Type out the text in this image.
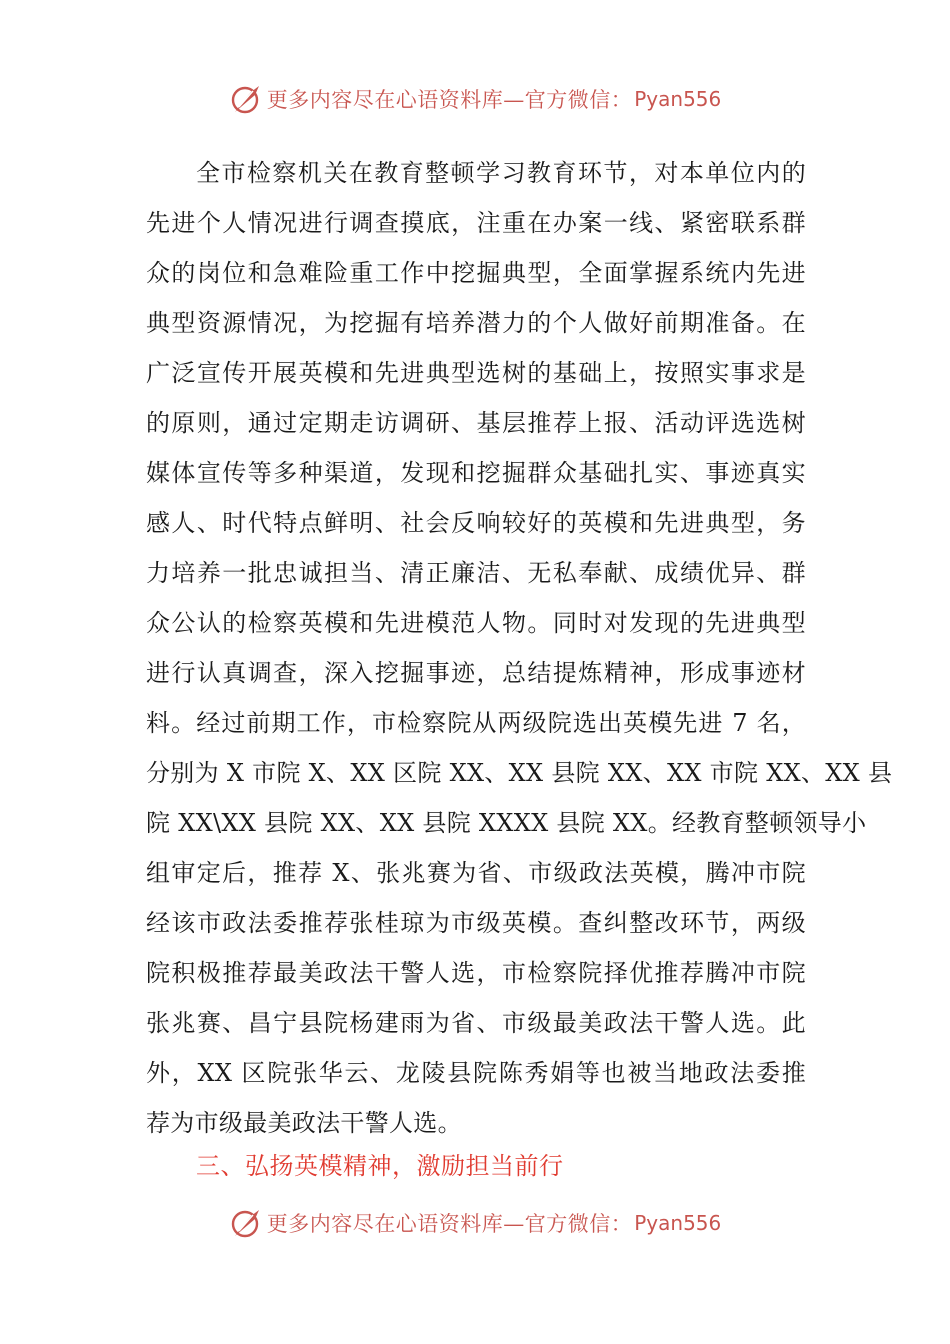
更多内容尽在心语资料库—官方微信： Pyan556
全市检察机关在教育整顿学习教育环节，对本单位内的
先进个人情况进行调查摸底，注重在办案一线、紧密联系群
众的岗位和急难险重工作中挖掘典型，全面掌握系统内先进
典型资源情况，为挖掘有培养潜力的个人做好前期准备。在
广泛宣传开展英模和先进典型选树的基础上，按照实事求是
的原则，通过定期走访调研、基层推荐上报、活动评选选树
媒体宣传等多种渠道，发现和挖掘群众基础扎实、事迹真实
感人、时代特点鲜明、社会反响较好的英模和先进典型，务
力培养一批忠诚担当、清正廉洁、无私奉献、成绩优异、群
众公认的检察英模和先进模范人物。同时对发现的先进典型
进行认真调查，深入挖掘事迹，总结提炼精神，形成事迹材
料。经过前期工作，市检察院从两级院选出英模先进 7 名，
分别为 X 市院 X、XX 区院 XX、XX 县院 XX、XX 市院 XX、XX 县
院 XX\XX 县院 XX、XX 县院 XXXX 县院 XX。经教育整顿领导小
组审定后，推荐 X、张兆赛为省、市级政法英模，腾冲市院
经该市政法委推荐张桂琼为市级英模。查纠整改环节，两级
院积极推荐最美政法干警人选，市检察院择优推荐腾冲市院
张兆赛、昌宁县院杨建雨为省、市级最美政法干警人选。此
外，XX 区院张华云、龙陵县院陈秀娟等也被当地政法委推
荐为市级最美政法干警人选。
三、弘扬英模精神，激励担当前行
更多内容尽在心语资料库—官方微信： Pyan556
